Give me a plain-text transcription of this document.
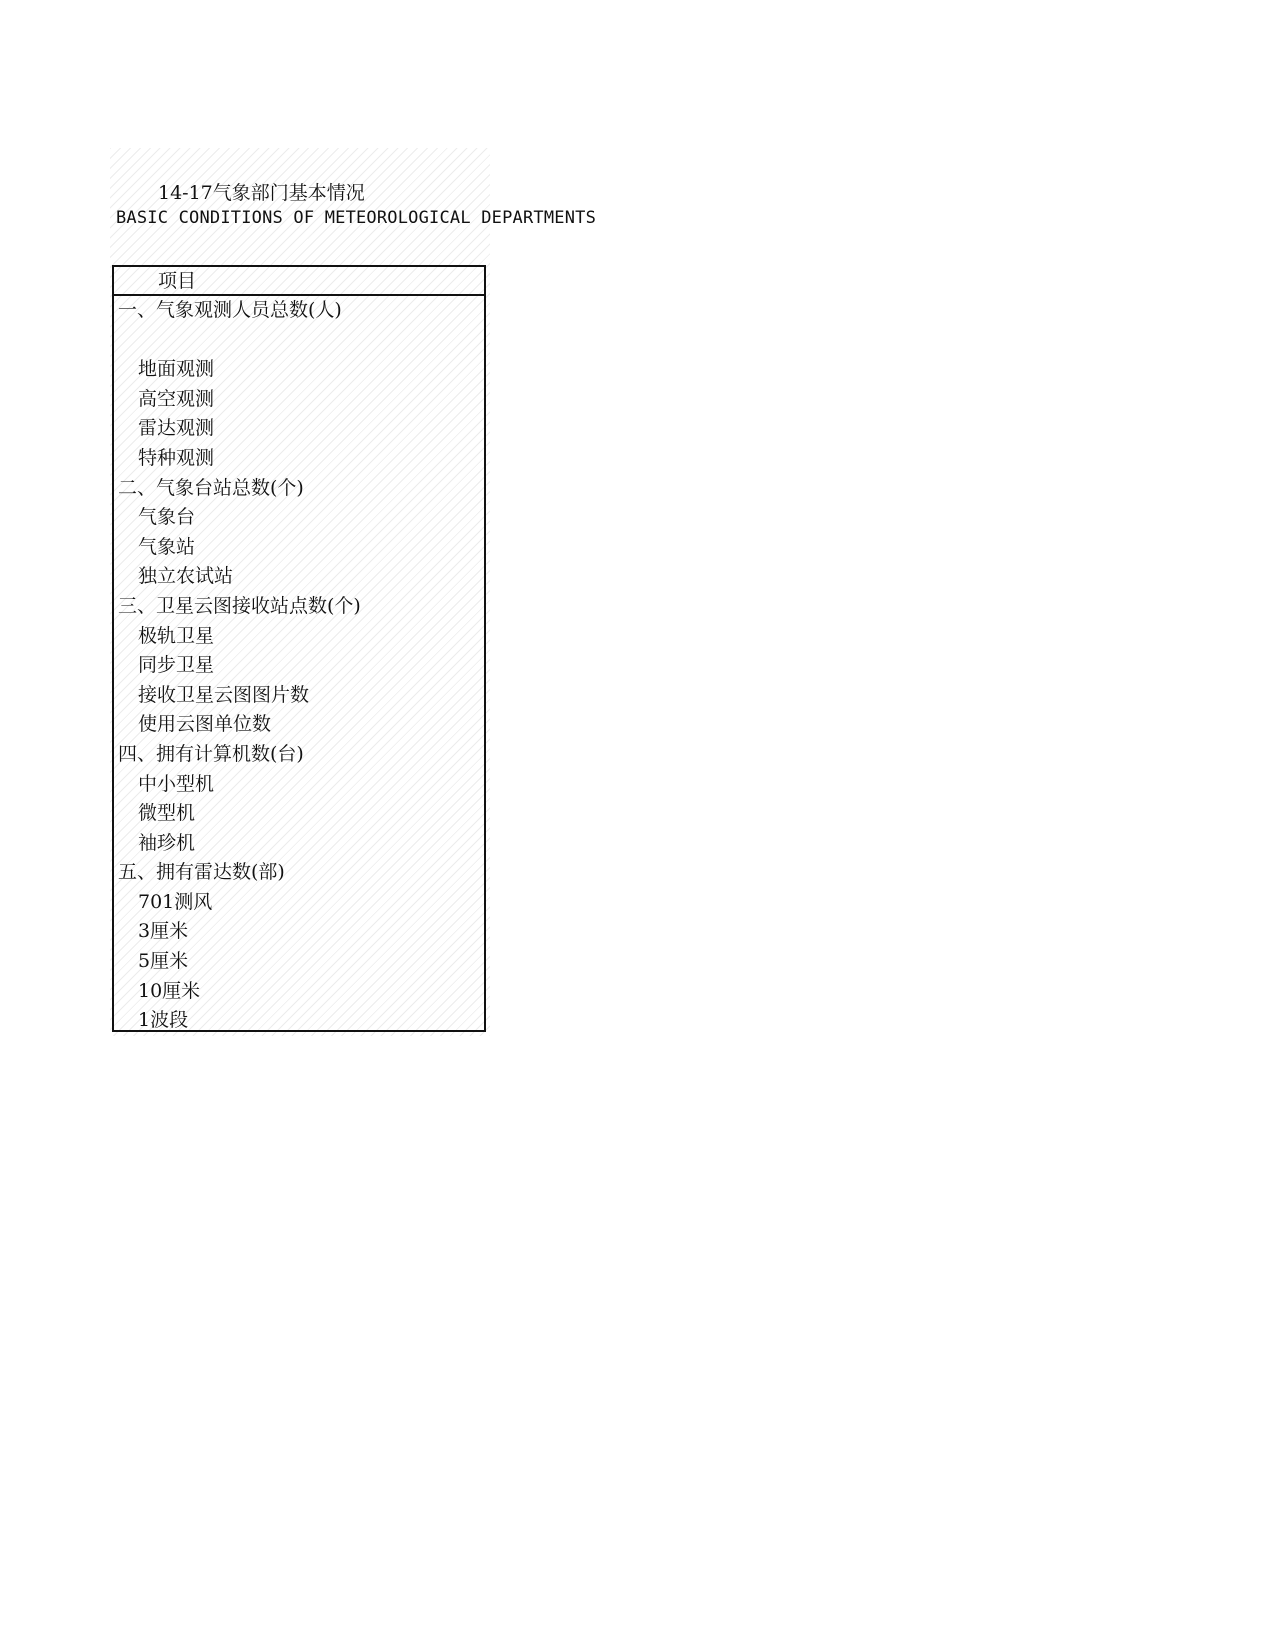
14-17气象部门基本情况
BASIC CONDITIONS OF METEOROLOGICAL DEPARTMENTS
项目
一、气象观测人员总数(人)
地面观测
高空观测
雷达观测
特种观测
二、气象台站总数(个)
气象台
气象站
独立农试站
三、卫星云图接收站点数(个)
极轨卫星
同步卫星
接收卫星云图图片数
使用云图单位数
四、拥有计算机数(台)
中小型机
微型机
袖珍机
五、拥有雷达数(部)
701测风
3厘米
5厘米
10厘米
1波段
